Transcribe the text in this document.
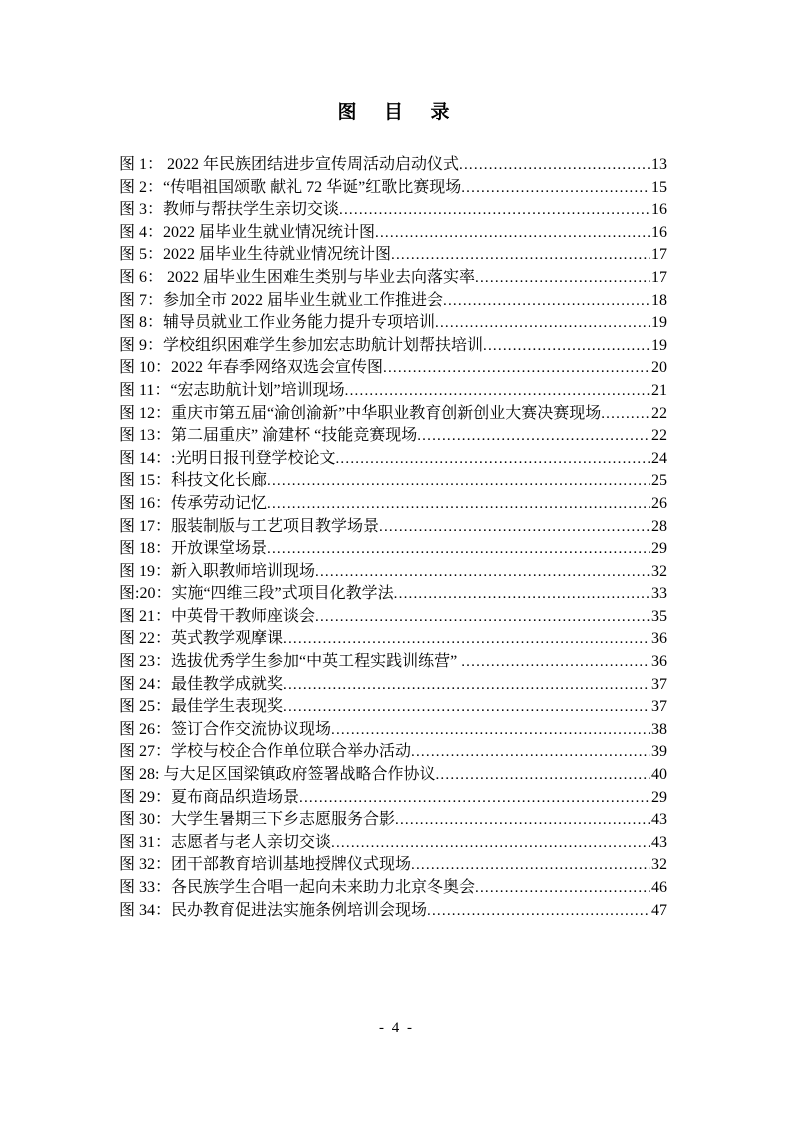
图  目  录
图 1： 2022 年民族团结进步宣传周活动启动仪式 .....	13
图 2： “传唱祖国颂歌 献礼 72 华诞”红歌比赛现场 .....	15
图 3： 教师与帮扶学生亲切交谈 .....	16
图 4： 2022 届毕业生就业情况统计图 .....	16
图 5： 2022 届毕业生待就业情况统计图 .....	17
图 6： 2022 届毕业生困难生类别与毕业去向落实率 .....	17
图 7： 参加全市 2022 届毕业生就业工作推进会 .....	18
图 8： 辅导员就业工作业务能力提升专项培训 .....	19
图 9： 学校组织困难学生参加宏志助航计划帮扶培训 .....	19
图 10： 2022 年春季网络双选会宣传图 .....	20
图 11： “宏志助航计划”培训现场 .....	21
图 12： 重庆市第五届“渝创渝新”中华职业教育创新创业大赛决赛现场 .....	22
图 13： 第二届重庆” 渝建杯 “技能竞赛现场 .....	22
图 14： :光明日报刊登学校论文 .....	24
图 15： 科技文化长廊 .....	25
图 16： 传承劳动记忆 .....	26
图 17： 服装制版与工艺项目教学场景 .....	28
图 18： 开放课堂场景 .....	29
图 19： 新入职教师培训现场 .....	32
图:20： 实施“四维三段”式项目化教学法 .....	33
图 21： 中英骨干教师座谈会 .....	35
图 22： 英式教学观摩课 .....	36
图 23： 选拔优秀学生参加“中英工程实践训练营” .....	36
图 24： 最佳教学成就奖 .....	37
图 25： 最佳学生表现奖 .....	37
图 26： 签订合作交流协议现场 .....	38
图 27： 学校与校企合作单位联合举办活动 .....	39
图 28: 与大足区国梁镇政府签署战略合作协议 .....	40
图 29： 夏布商品织造场景 .....	29
图 30： 大学生暑期三下乡志愿服务合影 .....	43
图 31： 志愿者与老人亲切交谈 .....	43
图 32： 团干部教育培训基地授牌仪式现场 .....	32
图 33： 各民族学生合唱一起向未来助力北京冬奥会 .....	46
图 34： 民办教育促进法实施条例培训会现场 .....	47
- 4 -
